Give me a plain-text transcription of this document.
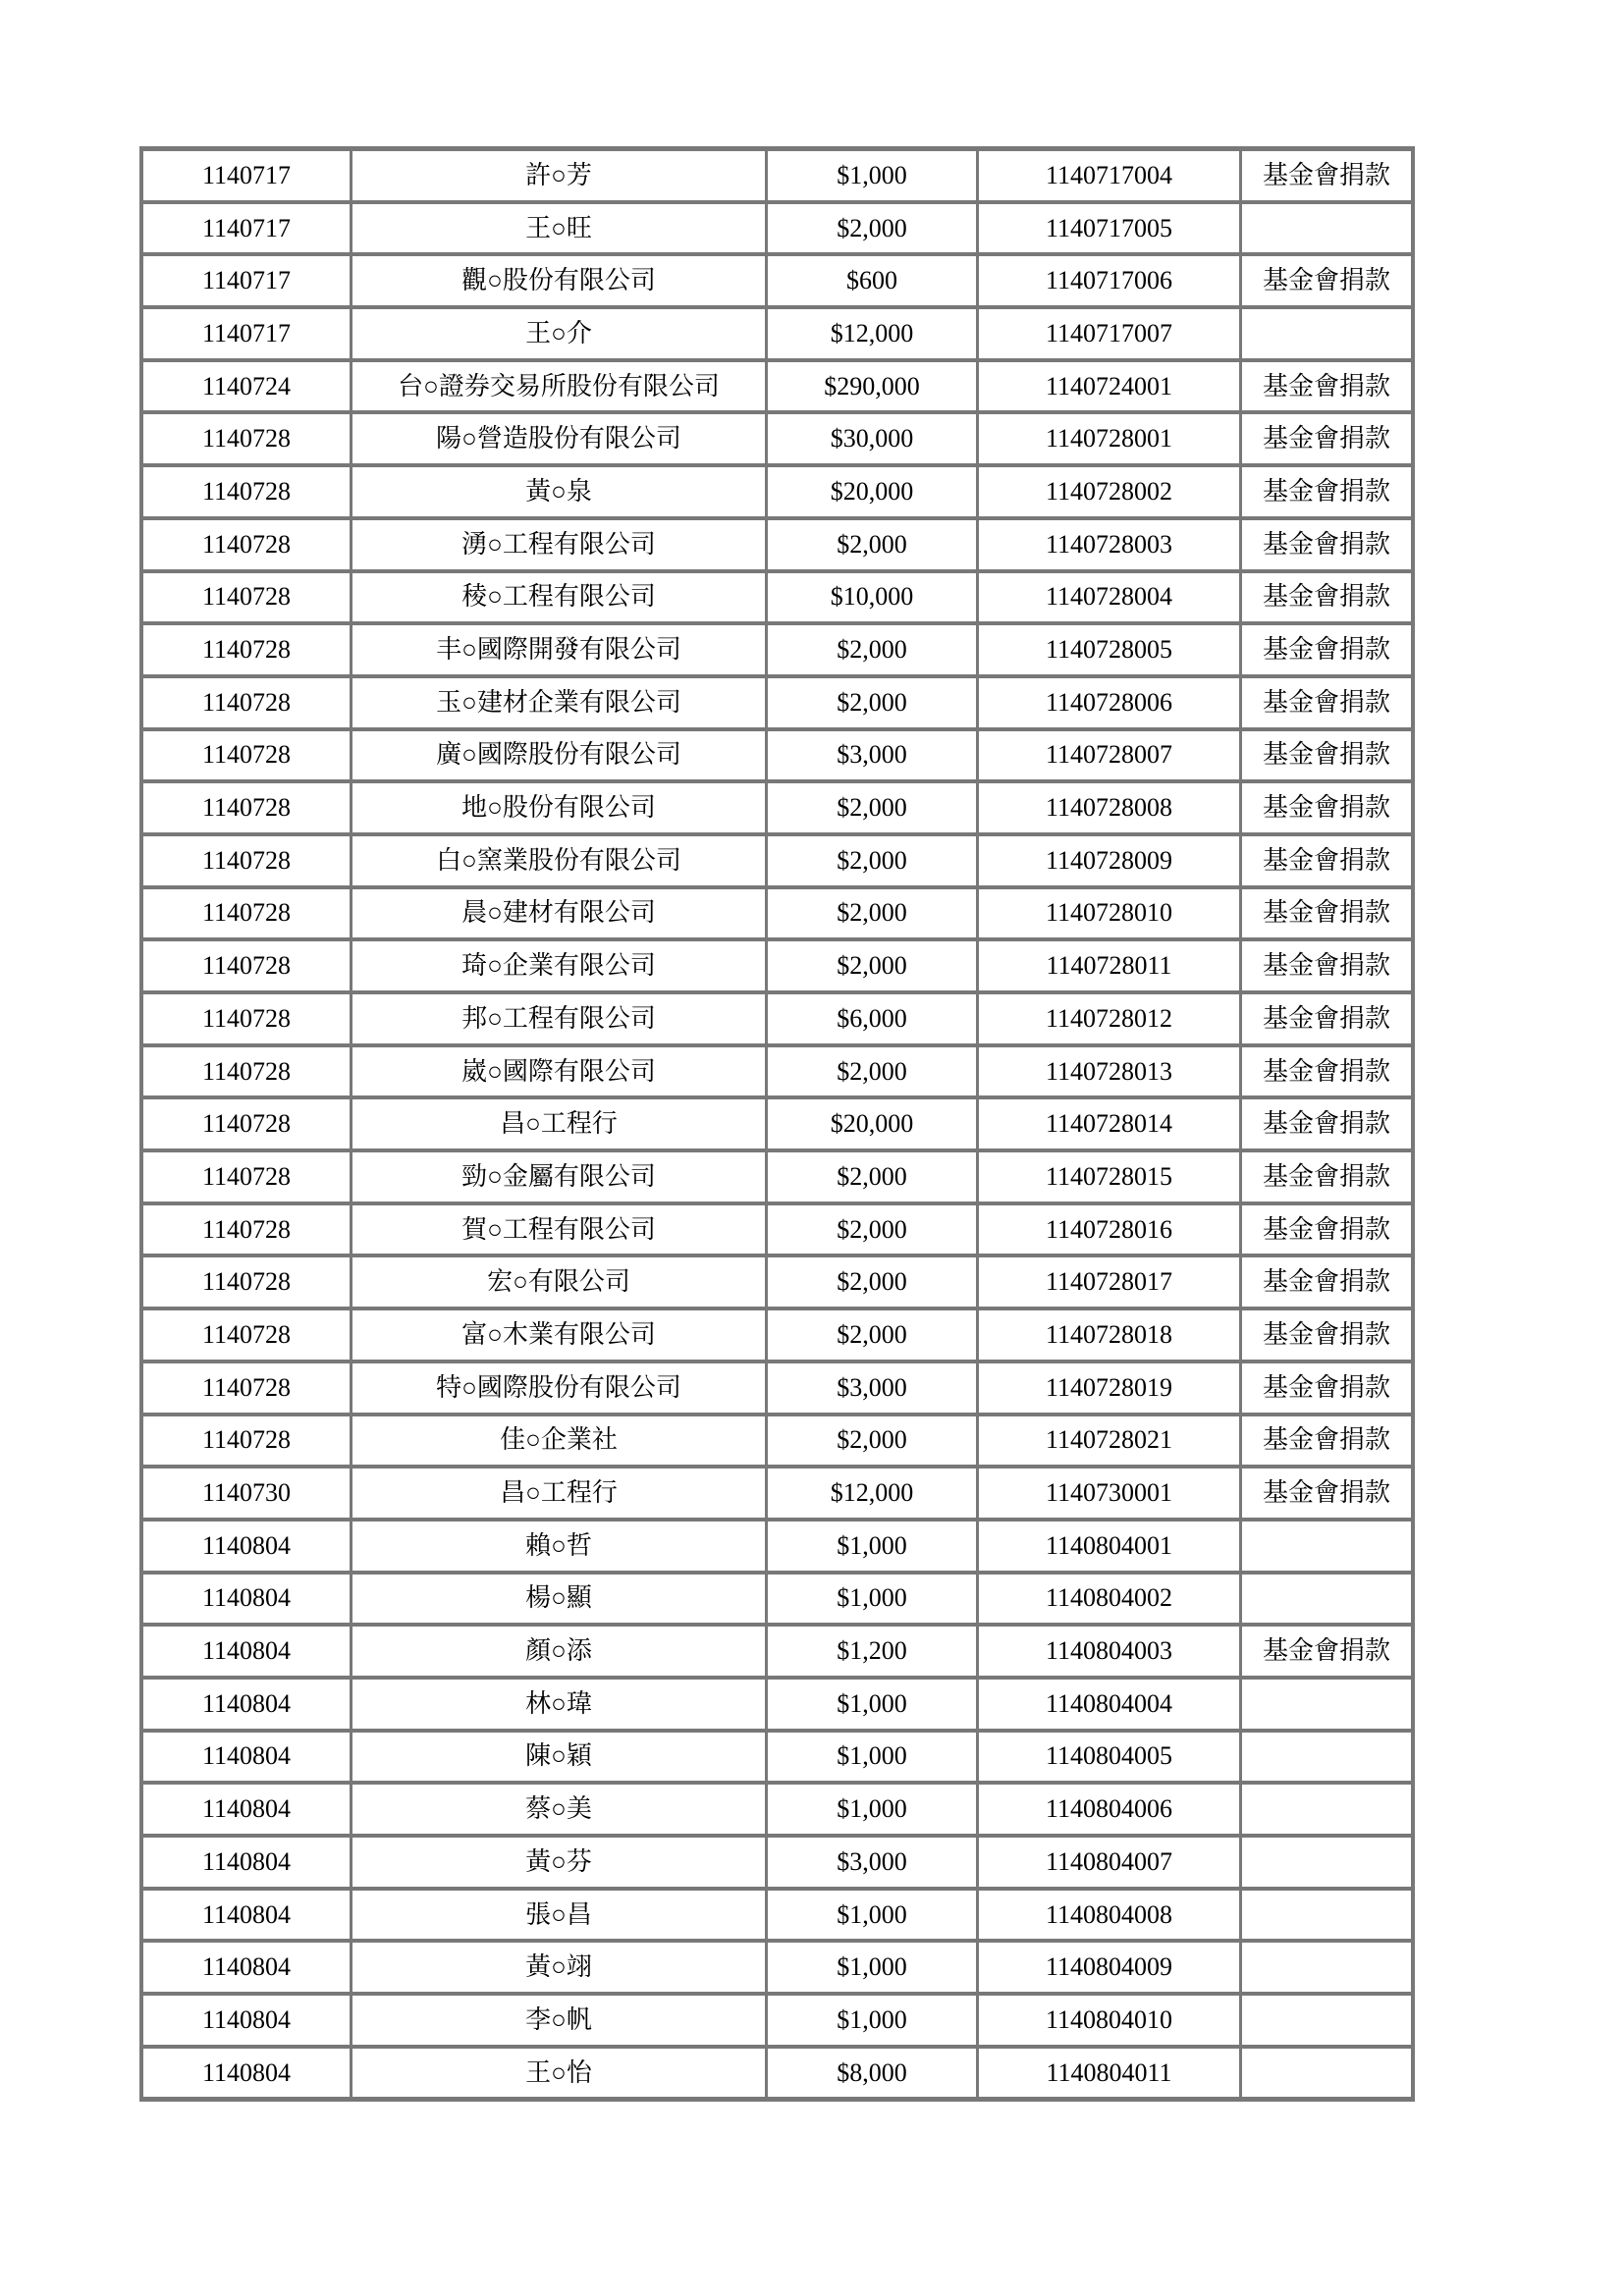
1140717	許○芳	$1,000	1140717004	基金會捐款
1140717	王○旺	$2,000	1140717005	
1140717	觀○股份有限公司	$600	1140717006	基金會捐款
1140717	王○介	$12,000	1140717007	
1140724	台○證券交易所股份有限公司	$290,000	1140724001	基金會捐款
1140728	陽○營造股份有限公司	$30,000	1140728001	基金會捐款
1140728	黃○泉	$20,000	1140728002	基金會捐款
1140728	湧○工程有限公司	$2,000	1140728003	基金會捐款
1140728	稜○工程有限公司	$10,000	1140728004	基金會捐款
1140728	丰○國際開發有限公司	$2,000	1140728005	基金會捐款
1140728	玉○建材企業有限公司	$2,000	1140728006	基金會捐款
1140728	廣○國際股份有限公司	$3,000	1140728007	基金會捐款
1140728	地○股份有限公司	$2,000	1140728008	基金會捐款
1140728	白○窯業股份有限公司	$2,000	1140728009	基金會捐款
1140728	晨○建材有限公司	$2,000	1140728010	基金會捐款
1140728	琦○企業有限公司	$2,000	1140728011	基金會捐款
1140728	邦○工程有限公司	$6,000	1140728012	基金會捐款
1140728	崴○國際有限公司	$2,000	1140728013	基金會捐款
1140728	昌○工程行	$20,000	1140728014	基金會捐款
1140728	勁○金屬有限公司	$2,000	1140728015	基金會捐款
1140728	賀○工程有限公司	$2,000	1140728016	基金會捐款
1140728	宏○有限公司	$2,000	1140728017	基金會捐款
1140728	富○木業有限公司	$2,000	1140728018	基金會捐款
1140728	特○國際股份有限公司	$3,000	1140728019	基金會捐款
1140728	佳○企業社	$2,000	1140728021	基金會捐款
1140730	昌○工程行	$12,000	1140730001	基金會捐款
1140804	賴○哲	$1,000	1140804001	
1140804	楊○顯	$1,000	1140804002	
1140804	顏○添	$1,200	1140804003	基金會捐款
1140804	林○瑋	$1,000	1140804004	
1140804	陳○穎	$1,000	1140804005	
1140804	蔡○美	$1,000	1140804006	
1140804	黃○芬	$3,000	1140804007	
1140804	張○昌	$1,000	1140804008	
1140804	黃○翊	$1,000	1140804009	
1140804	李○帆	$1,000	1140804010	
1140804	王○怡	$8,000	1140804011	
